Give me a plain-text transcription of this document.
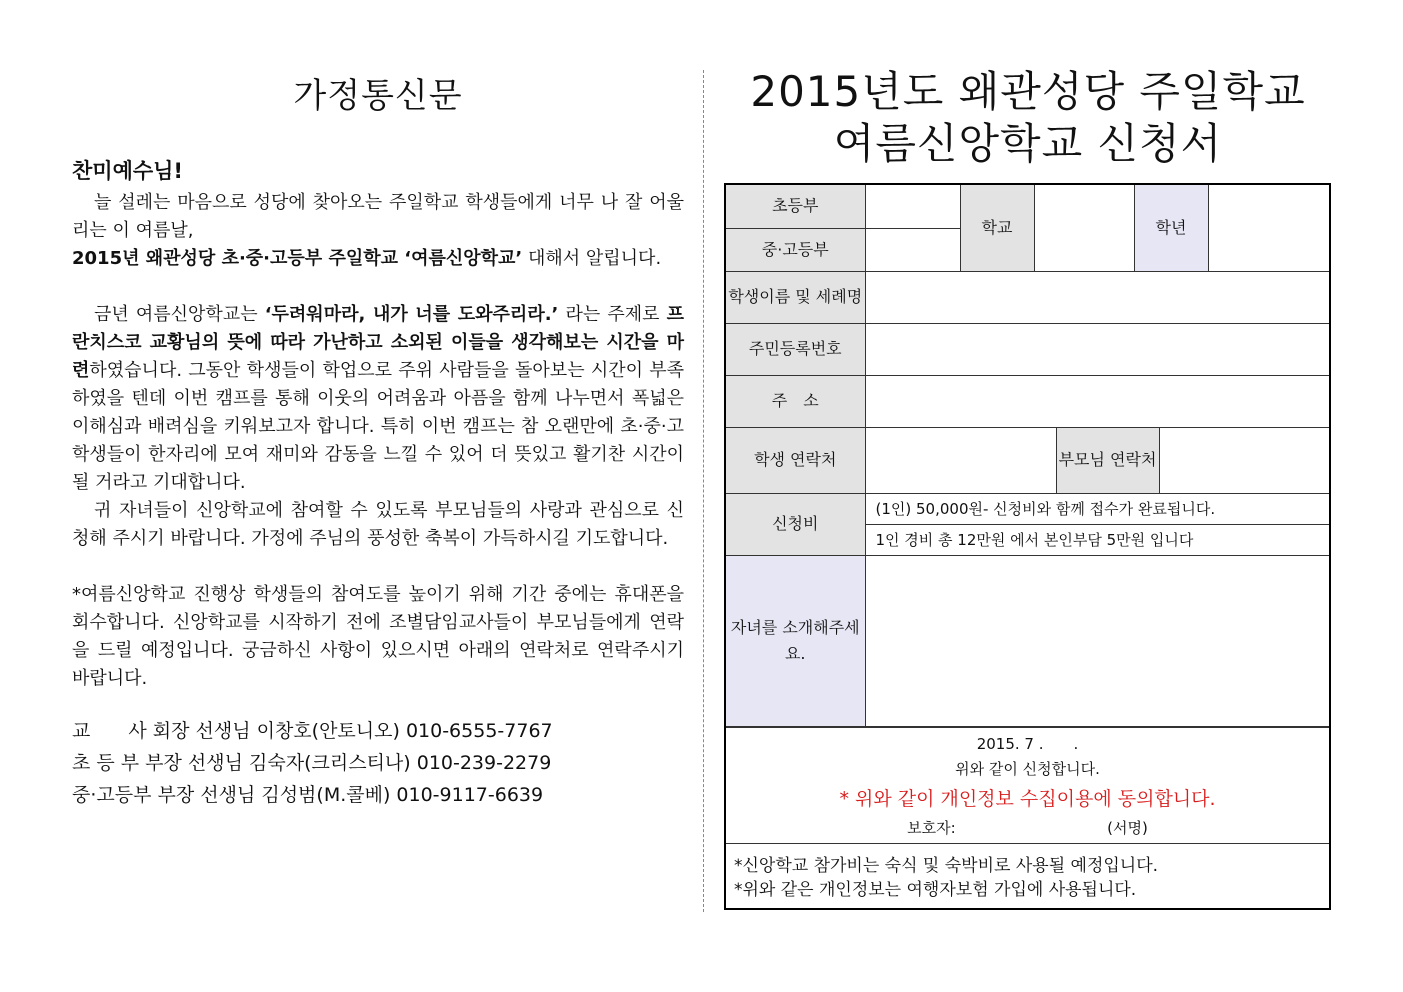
가정통신문
찬미예수님!
늘 설레는 마음으로 성당에 찾아오는 주일학교 학생들에게 너무 나 잘 어울리는 이 여름날,
2015년 왜관성당 초·중·고등부 주일학교 ‘여름신앙학교’ 대해서 알립니다.
금년 여름신앙학교는 ‘두려워마라, 내가 너를 도와주리라.’ 라는 주제로 프란치스코 교황님의 뜻에 따라 가난하고 소외된 이들을 생각해보는 시간을 마련하였습니다. 그동안 학생들이 학업으로 주위 사람들을 돌아보는 시간이 부족하였을 텐데 이번 캠프를 통해 이웃의 어려움과 아픔을 함께 나누면서 폭넓은 이해심과 배려심을 키워보고자 합니다. 특히 이번 캠프는 참 오랜만에 초·중·고 학생들이 한자리에 모여 재미와 감동을 느낄 수 있어 더 뜻있고 활기찬 시간이 될 거라고 기대합니다.
귀 자녀들이 신앙학교에 참여할 수 있도록 부모님들의 사랑과 관심으로 신청해 주시기 바랍니다. 가정에 주님의 풍성한 축복이 가득하시길 기도합니다.
*여름신앙학교 진행상 학생들의 참여도를 높이기 위해 기간 중에는 휴대폰을 회수합니다. 신앙학교를 시작하기 전에 조별담임교사들이 부모님들에게 연락을 드릴 예정입니다. 궁금하신 사항이 있으시면 아래의 연락처로 연락주시기 바랍니다.
교　　사 회장 선생님 이창호(안토니오) 010-6555-7767
초 등 부 부장 선생님 김숙자(크리스티나) 010-239-2279
중·고등부 부장 선생님 김성범(M.콜베) 010-9117-6639
2015년도 왜관성당 주일학교
여름신앙학교 신청서
초등부		학교			학년		
중·고등부							
학생이름 및 세례명							
주민등록번호							
주　소							
학생 연락처				부모님 연락처			
신청비	(1인) 50,000원- 신청비와 함께 접수가 완료됩니다.						
	1인 경비 총 12만원 에서 본인부담 5만원 입니다						
자녀를 소개해주세요.							
2015. 7 .　　.
위와 같이 신청합니다.
* 위와 같이 개인정보 수집이용에 동의합니다.
보호자:	(서명)
*신앙학교 참가비는 숙식 및 숙박비로 사용될 예정입니다.
*위와 같은 개인정보는 여행자보험 가입에 사용됩니다.
